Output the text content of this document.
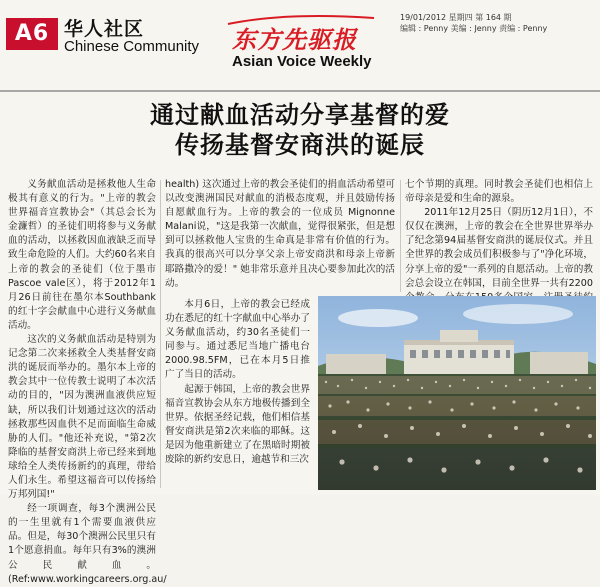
A6 华人社区
Chinese Community 东方先驱报
Asian Voice Weekly
19/01/2012 星期四 第 164 期
编辑 : Penny 美编 : Jenny 责编 : Penny
通过献血活动分享基督的爱
传扬基督安商洪的诞辰

义务献血活动是拯救他人生命极其有意义的行为。"上帝的教会世界福音宣教协会"（其总会长为金濂哲）的圣徒们明将参与义务献血的活动，以拯救因血液缺乏而导致生命危险的人们。大约60名来自上帝的教会的圣徒们（位于墨市Pascoe vale区），将于2012年1月26日前往在墨尔本Southbank 的红十字会献血中心进行义务献血活动。

这次的义务献血活动是特别为记念第二次来拯救全人类基督安商洪的诞辰而举办的。墨尔本上帝的教会其中一位传教士说明了本次活动的目的，"因为澳洲血液供应短缺，所以我们计划通过这次的活动拯救那些因血供不足而面临生命威胁的人们。"他还补充说，"第2次降临的基督安商洪上帝已经来到地球给全人类传扬新约的真理，带给人们永生。希望这福音可以传扬给万邦列国!"

经一项调查，每3个澳洲公民的一生里就有1个需要血液供应品。但是，每30个澳洲公民里只有1个愿意捐血。每年只有3%的澳洲公民献血。(Ref:www.workingcareers.org.au/

health) 这次通过上帝的教会圣徒们的捐血活动希望可以改变澳洲国民对献血的消极态度观，并且鼓励传扬自愿献血行为。上帝的教会的一位成员 Mignonne Malani说，"这是我第一次献血，觉得很紧张，但是想到可以拯救他人宝贵的生命真是非常有价值的行为。我真的很高兴可以分享父亲上帝安商洪和母亲上帝新耶路撒冷的爱！" 她非常乐意并且决心要参加此次的活动。

本月6日，上帝的教会已经成功在悉尼的红十字献血中心举办了义务献血活动，约30名圣徒们一同参与。通过悉尼当地广播电台2000.98.5FM，已在本月5日推广了当日的活动。

起源于韩国，上帝的教会世界福音宣教协会从东方地极传播到全世界。依据圣经记载，他们相信基督安商洪是第2次来临的耶稣。这是因为他重新建立了在黑暗时期被废除的新约安息日，逾越节和三次

七个节期的真理。同时教会圣徒们也相信上帝母亲是爱和生命的源泉。

2011年12月25日（阴历12月1日），不仅仅在澳洲，上帝的教会在全世界世界举办了纪念第94届基督安商洪的诞辰仪式。并且全世界的教会成员们积极参与了"净化环境，分享上帝的爱"一系列的自愿活动。上帝的教会总会设立在韩国，目前全世界一共有2200
